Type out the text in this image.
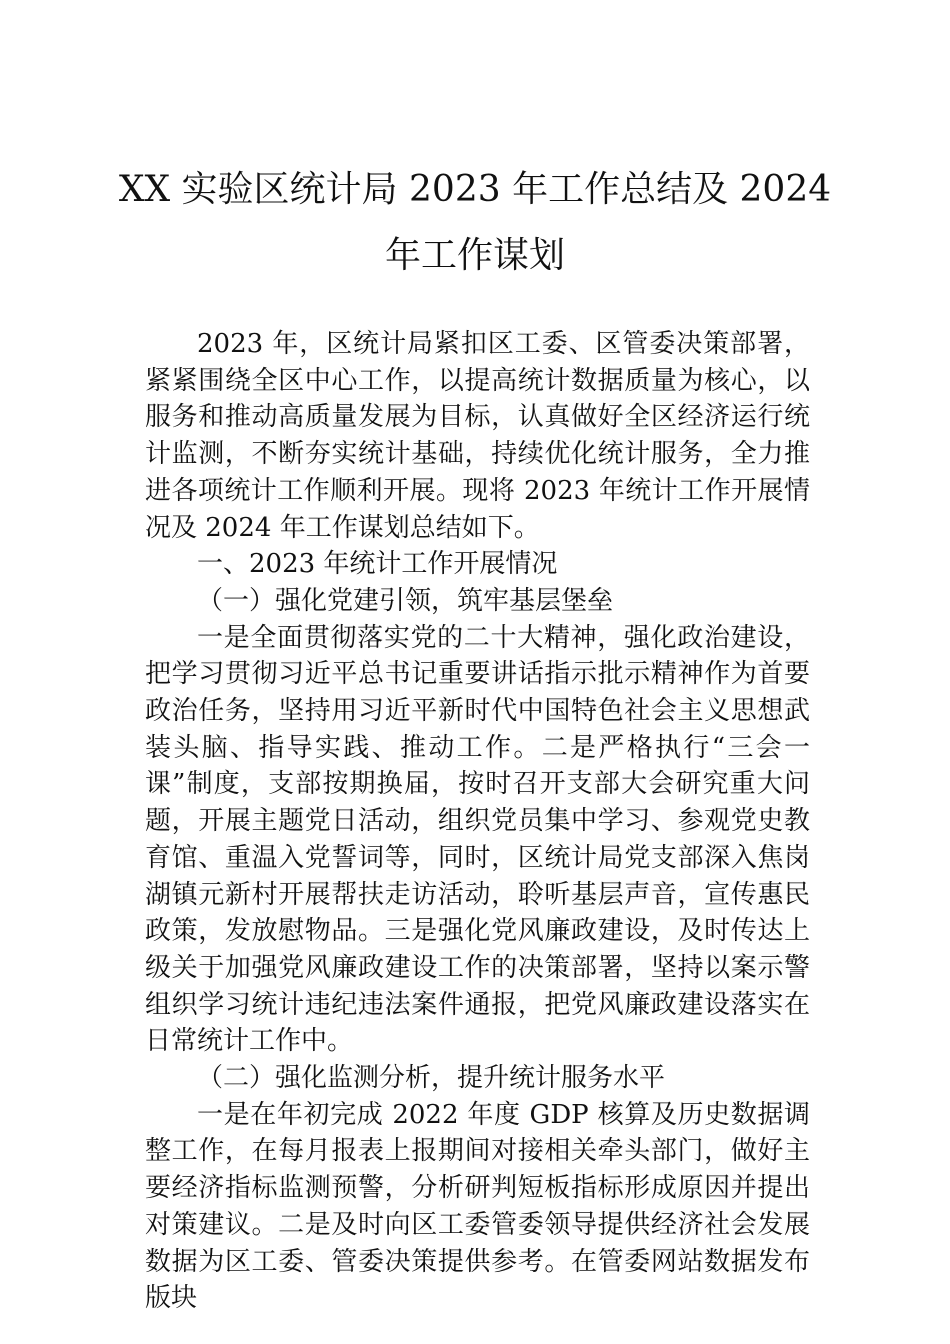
XX 实验区统计局 2023 年工作总结及 2024
年工作谋划

2023 年，区统计局紧扣区工委、区管委决策部署，紧紧围绕全区中心工作，以提高统计数据质量为核心，以服务和推动高质量发展为目标，认真做好全区经济运行统计监测，不断夯实统计基础，持续优化统计服务，全力推进各项统计工作顺利开展。现将 2023 年统计工作开展情况及 2024 年工作谋划总结如下。

一、2023 年统计工作开展情况

（一）强化党建引领，筑牢基层堡垒

一是全面贯彻落实党的二十大精神，强化政治建设，把学习贯彻习近平总书记重要讲话指示批示精神作为首要政治任务，坚持用习近平新时代中国特色社会主义思想武装头脑、指导实践、推动工作。二是严格执行“三会一课”制度，支部按期换届，按时召开支部大会研究重大问题，开展主题党日活动，组织党员集中学习、参观党史教育馆、重温入党誓词等，同时，区统计局党支部深入焦岗湖镇元新村开展帮扶走访活动，聆听基层声音，宣传惠民政策，发放慰物品。三是强化党风廉政建设，及时传达上级关于加强党风廉政建设工作的决策部署，坚持以案示警组织学习统计违纪违法案件通报，把党风廉政建设落实在日常统计工作中。

（二）强化监测分析，提升统计服务水平

一是在年初完成 2022 年度 GDP 核算及历史数据调整工作，在每月报表上报期间对接相关牵头部门，做好主要经济指标监测预警，分析研判短板指标形成原因并提出对策建议。二是及时向区工委管委领导提供经济社会发展数据为区工委、管委决策提供参考。在管委网站数据发布版块
